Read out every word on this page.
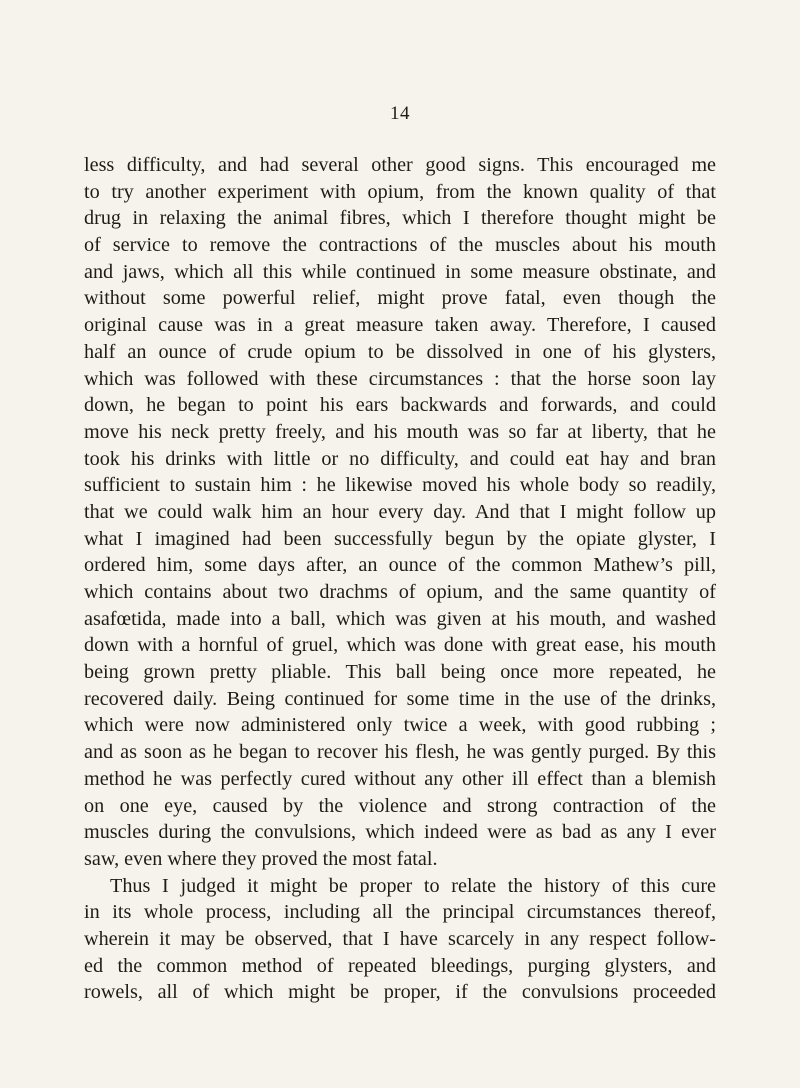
14
less difficulty, and had several other good signs. This encouraged me
to try another experiment with opium, from the known quality of that
drug in relaxing the animal fibres, which I therefore thought might be
of service to remove the contractions of the muscles about his mouth
and jaws, which all this while continued in some measure obstinate, and
without some powerful relief, might prove fatal, even though the
original cause was in a great measure taken away. Therefore, I caused
half an ounce of crude opium to be dissolved in one of his glysters,
which was followed with these circumstances : that the horse soon lay
down, he began to point his ears backwards and forwards, and could
move his neck pretty freely, and his mouth was so far at liberty, that he
took his drinks with little or no difficulty, and could eat hay and bran
sufficient to sustain him : he likewise moved his whole body so readily,
that we could walk him an hour every day. And that I might follow up
what I imagined had been successfully begun by the opiate glyster, I
ordered him, some days after, an ounce of the common Mathew’s pill,
which contains about two drachms of opium, and the same quantity of
asafœtida, made into a ball, which was given at his mouth, and washed
down with a hornful of gruel, which was done with great ease, his mouth
being grown pretty pliable. This ball being once more repeated, he
recovered daily. Being continued for some time in the use of the drinks,
which were now administered only twice a week, with good rubbing ;
and as soon as he began to recover his flesh, he was gently purged. By this
method he was perfectly cured without any other ill effect than a blemish
on one eye, caused by the violence and strong contraction of the
muscles during the convulsions, which indeed were as bad as any I ever
saw, even where they proved the most fatal.
Thus I judged it might be proper to relate the history of this cure
in its whole process, including all the principal circumstances thereof,
wherein it may be observed, that I have scarcely in any respect follow-
ed the common method of repeated bleedings, purging glysters, and
rowels, all of which might be proper, if the convulsions proceeded
